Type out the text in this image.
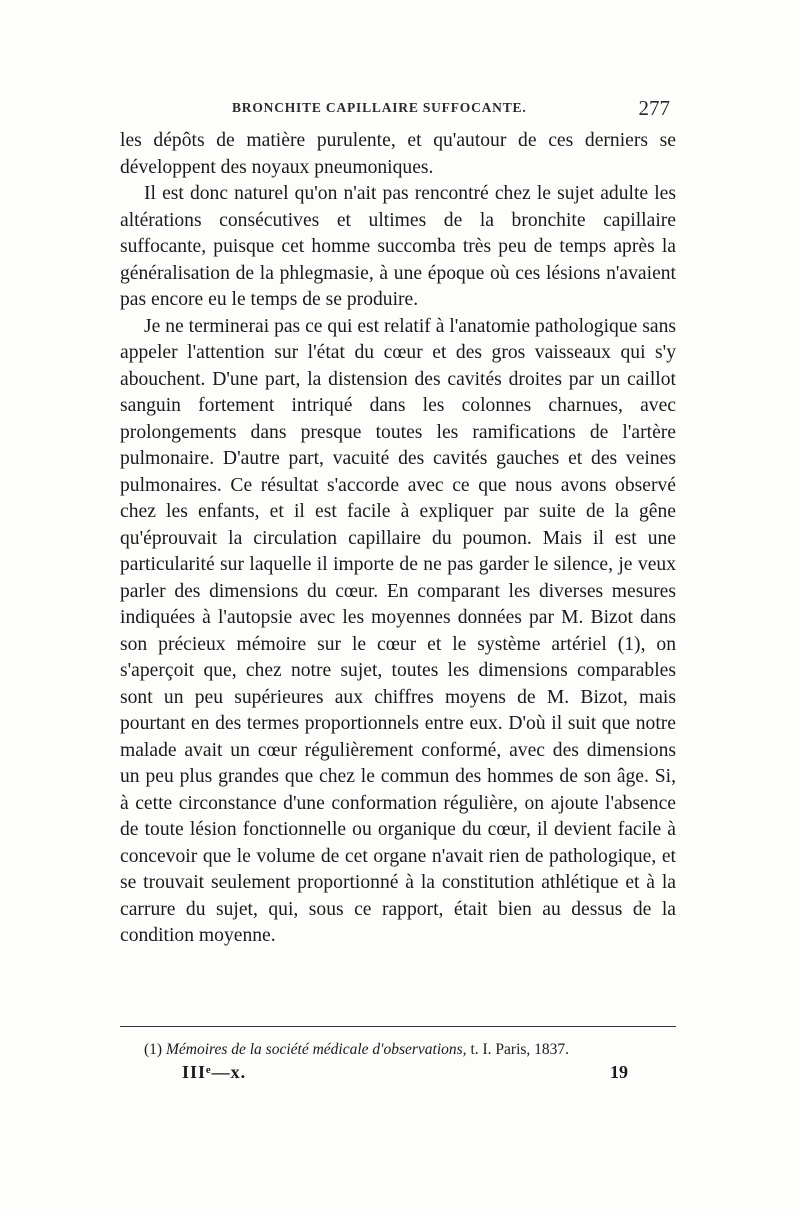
BRONCHITE CAPILLAIRE SUFFOCANTE.	277

les dépôts de matière purulente, et qu'autour de ces derniers se développent des noyaux pneumoniques.

Il est donc naturel qu'on n'ait pas rencontré chez le sujet adulte les altérations consécutives et ultimes de la bronchite capillaire suffocante, puisque cet homme succomba très peu de temps après la généralisation de la phlegmasie, à une époque où ces lésions n'avaient pas encore eu le temps de se produire.

Je ne terminerai pas ce qui est relatif à l'anatomie pathologique sans appeler l'attention sur l'état du cœur et des gros vaisseaux qui s'y abouchent. D'une part, la distension des cavités droites par un caillot sanguin fortement intriqué dans les colonnes charnues, avec prolongements dans presque toutes les ramifications de l'artère pulmonaire. D'autre part, vacuité des cavités gauches et des veines pulmonaires. Ce résultat s'accorde avec ce que nous avons observé chez les enfants, et il est facile à expliquer par suite de la gêne qu'éprouvait la circulation capillaire du poumon. Mais il est une particularité sur laquelle il importe de ne pas garder le silence, je veux parler des dimensions du cœur. En comparant les diverses mesures indiquées à l'autopsie avec les moyennes données par M. Bizot dans son précieux mémoire sur le cœur et le système artériel (1), on s'aperçoit que, chez notre sujet, toutes les dimensions comparables sont un peu supérieures aux chiffres moyens de M. Bizot, mais pourtant en des termes proportionnels entre eux. D'où il suit que notre malade avait un cœur régulièrement conformé, avec des dimensions un peu plus grandes que chez le commun des hommes de son âge. Si, à cette circonstance d'une conformation régulière, on ajoute l'absence de toute lésion fonctionnelle ou organique du cœur, il devient facile à concevoir que le volume de cet organe n'avait rien de pathologique, et se trouvait seulement proportionné à la constitution athlétique et à la carrure du sujet, qui, sous ce rapport, était bien au dessus de la condition moyenne.

(1) Mémoires de la société médicale d'observations, t. I. Paris, 1837.
IIIᵉ—x.	19
